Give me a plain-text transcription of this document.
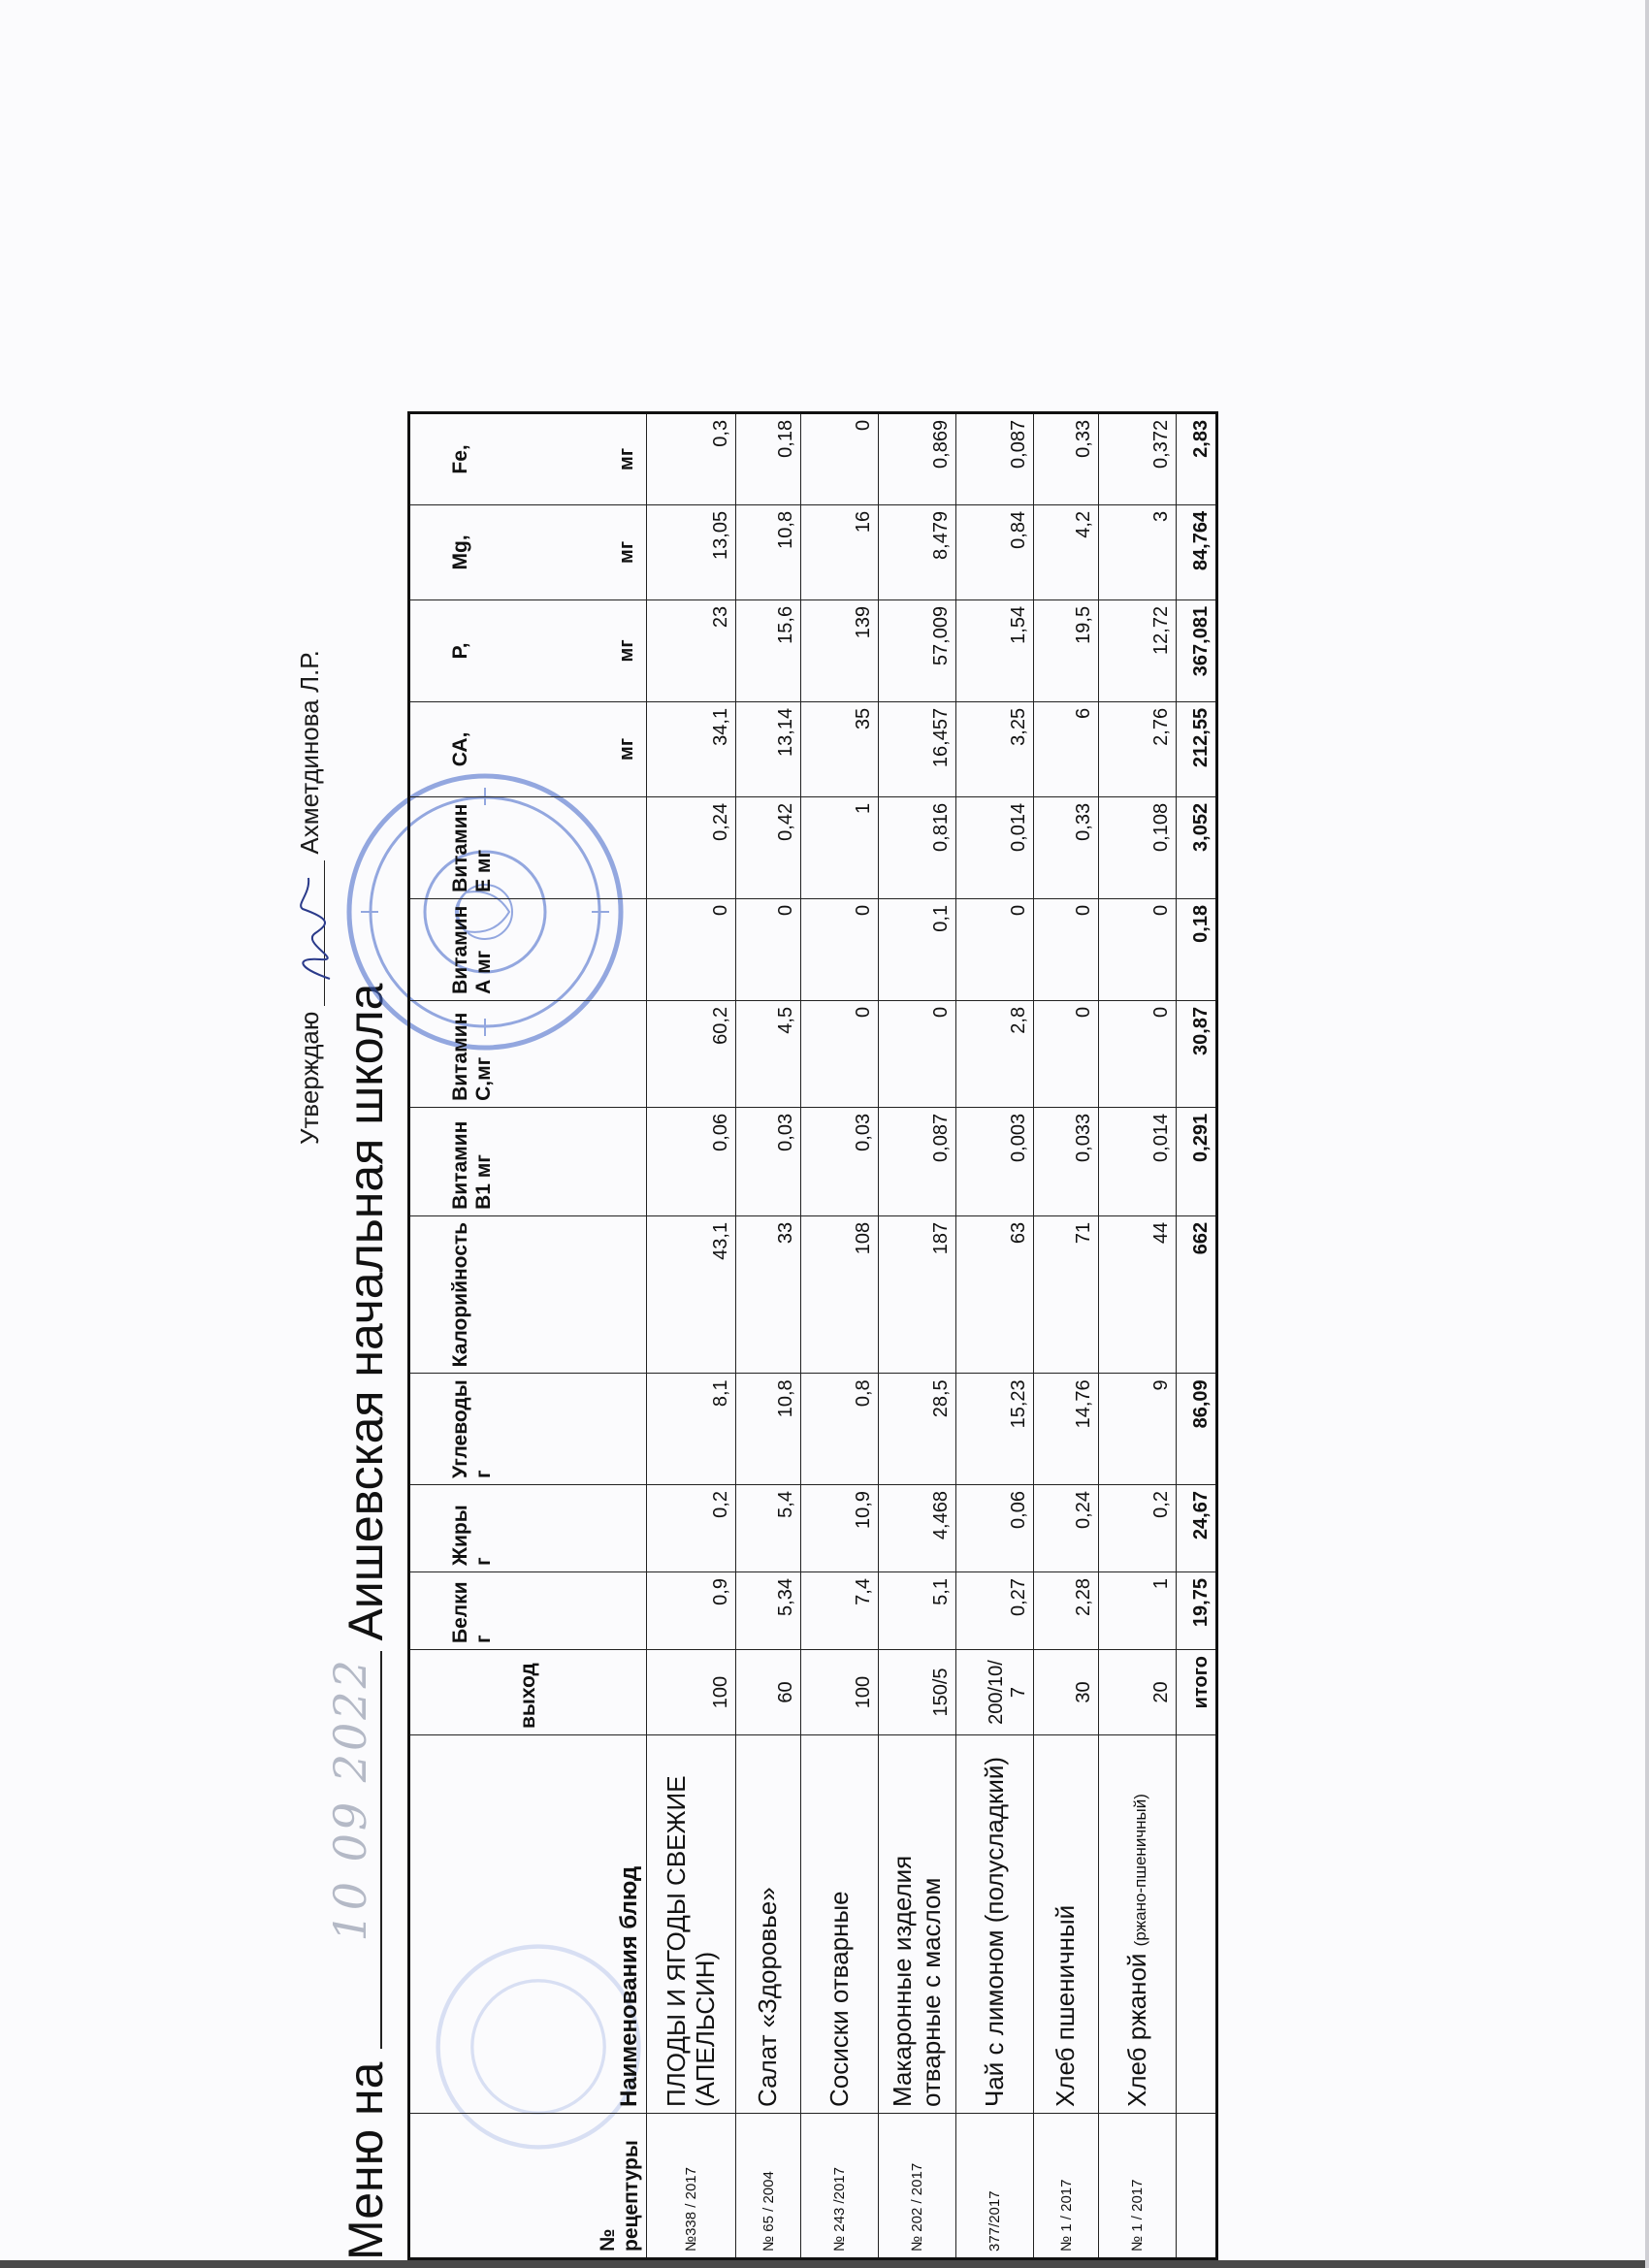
Утверждаю
Ахметдинова Л.Р.
Меню на
10 09 2022
Аишевская начальная школа
№ рецептуры	Наименования блюд	выход	Белки г	Жиры г	Углеводы г	Калорийность	Витамин В1 мг	Витамин С,мг	Витамин А мг	Витамин Е мг	СА, мг	Р, мг	Mg, мг	Fe, мг

№338 / 2017	ПЛОДЫ И ЯГОДЫ СВЕЖИЕ (АПЕЛЬСИН)	100	0,9	0,2	8,1	43,1	0,06	60,2	0	0,24	34,1	23	13,05	0,3
№ 65 / 2004	Салат «Здоровье»	60	5,34	5,4	10,8	33	0,03	4,5	0	0,42	13,14	15,6	10,8	0,18
№ 243 /2017	Сосиски отварные	100	7,4	10,9	0,8	108	0,03	0	0	1	35	139	16	0
№ 202 / 2017	Макаронные изделия отварные с маслом	150/5	5,1	4,468	28,5	187	0,087	0	0,1	0,816	16,457	57,009	8,479	0,869
377/2017	Чай с лимоном (полусладкий)	200/10/7	0,27	0,06	15,23	63	0,003	2,8	0	0,014	3,25	1,54	0,84	0,087
№ 1 / 2017	Хлеб пшеничный	30	2,28	0,24	14,76	71	0,033	0	0	0,33	6	19,5	4,2	0,33
№ 1 / 2017	Хлеб ржаной (ржано-пшеничный)	20	1	0,2	9	44	0,014	0	0	0,108	2,76	12,72	3	0,372
		итого	19,75	24,67	86,09	662	0,291	30,87	0,18	3,052	212,55	367,081	84,764	2,83
